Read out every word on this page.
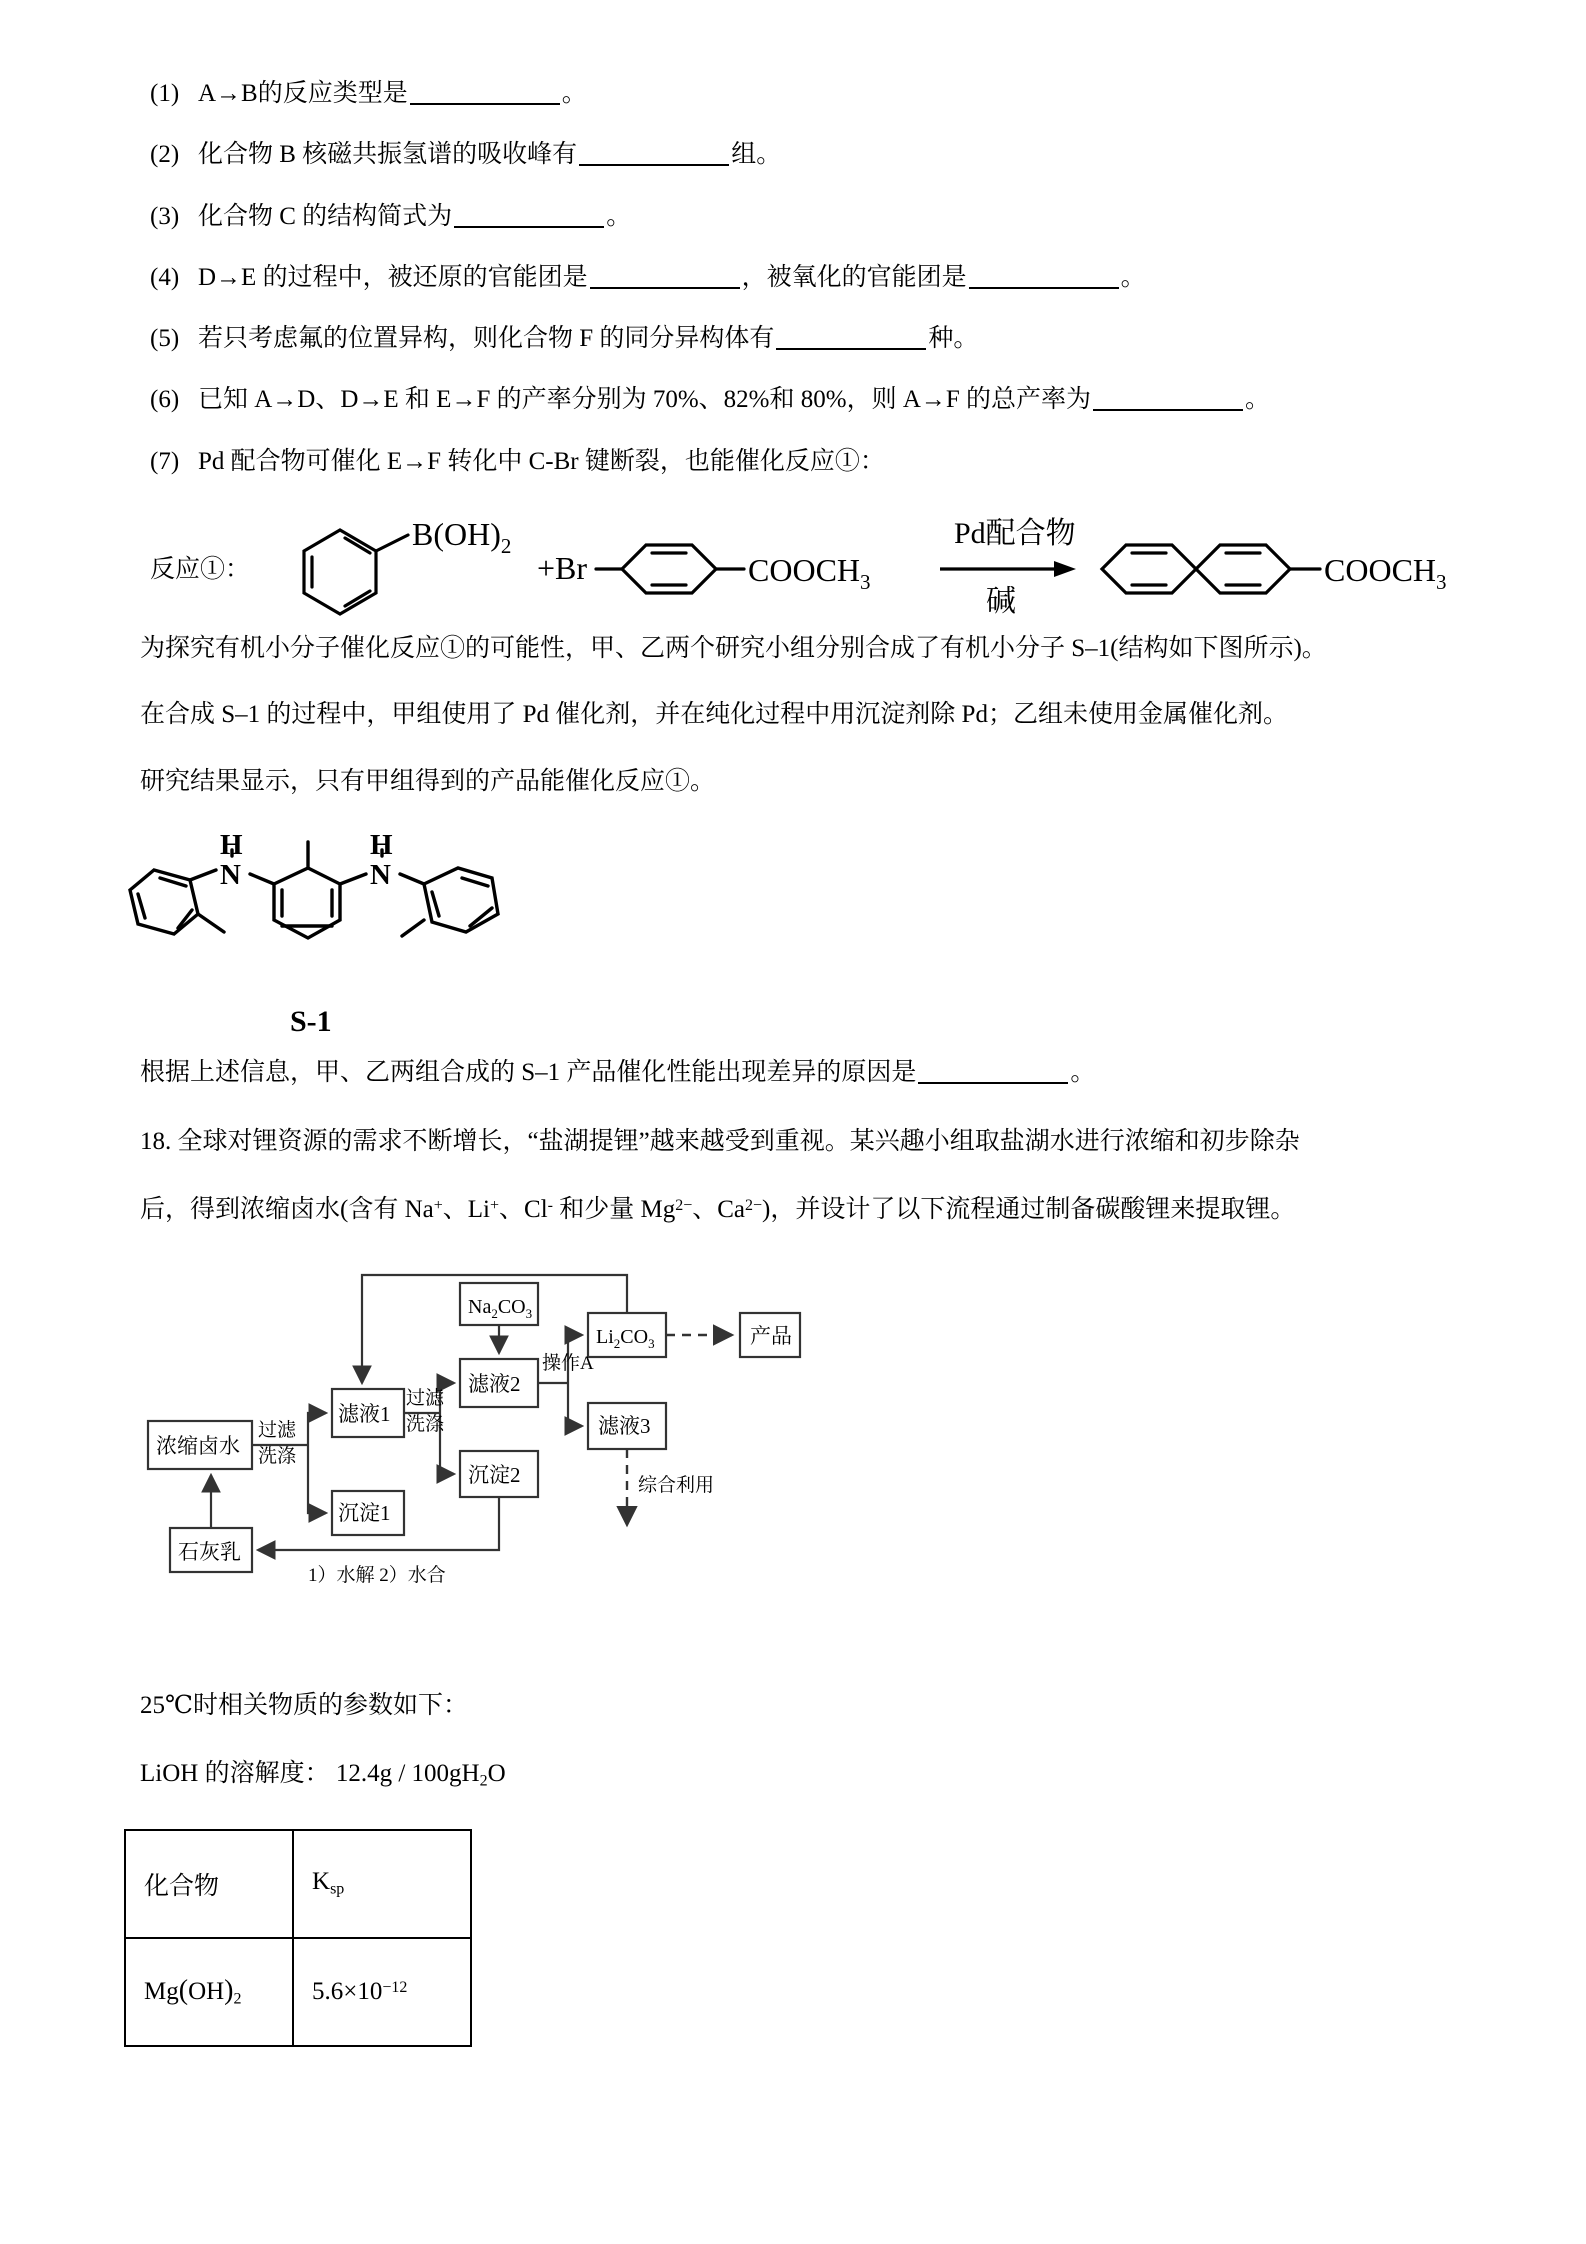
(1) A→B的反应类型是	。
(2) 化合物 B 核磁共振氢谱的吸收峰有	组。
(3) 化合物 C 的结构简式为	。
(4) D→E 的过程中，被还原的官能团是	，被氧化的官能团是	。
(5) 若只考虑氟的位置异构，则化合物 F 的同分异构体有	种。
(6) 已知 A→D、D→E 和 E→F 的产率分别为 70%、82%和 80%，则 A→F 的总产率为	。
(7) Pd 配合物可催化 E→F 转化中 C-Br 键断裂，也能催化反应①：
反应①：
$B(OH)_2$
+Br	$COOCH_3$
Pd配合物
碱
$COOCH_3$
为探究有机小分子催化反应①的可能性，甲、乙两个研究小组分别合成了有机小分子 S–1(结构如下图所示)。
在合成 S–1 的过程中，甲组使用了 Pd 催化剂，并在纯化过程中用沉淀剂除 Pd；乙组未使用金属催化剂。
研究结果显示，只有甲组得到的产品能催化反应①。
H
N
H
N
S-1
根据上述信息，甲、乙两组合成的 S–1 产品催化性能出现差异的原因是	。
18. 全球对锂资源的需求不断增长，“盐湖提锂”越来越受到重视。某兴趣小组取盐湖水进行浓缩和初步除杂
后，得到浓缩卤水(含有 Na+、Li+、Cl- 和少量 $Mg^{2-}$、$Ca^{2-}$)，并设计了以下流程通过制备碳酸锂来提取锂。
浓缩卤水
石灰乳
滤液1
沉淀1
滤液2
沉淀2
滤液3
产品
$Na_2CO_3$
$Li_2CO_3$
过滤
洗涤
过滤
洗涤
操作A
1）水解 2）水合
综合利用
25℃时相关物质的参数如下：
LiOH 的溶解度： $12.4g / 100gH_2O$
化合物	$K_{sp}$
$Mg(OH)_2$	$5.6\times 10^{-12}$
